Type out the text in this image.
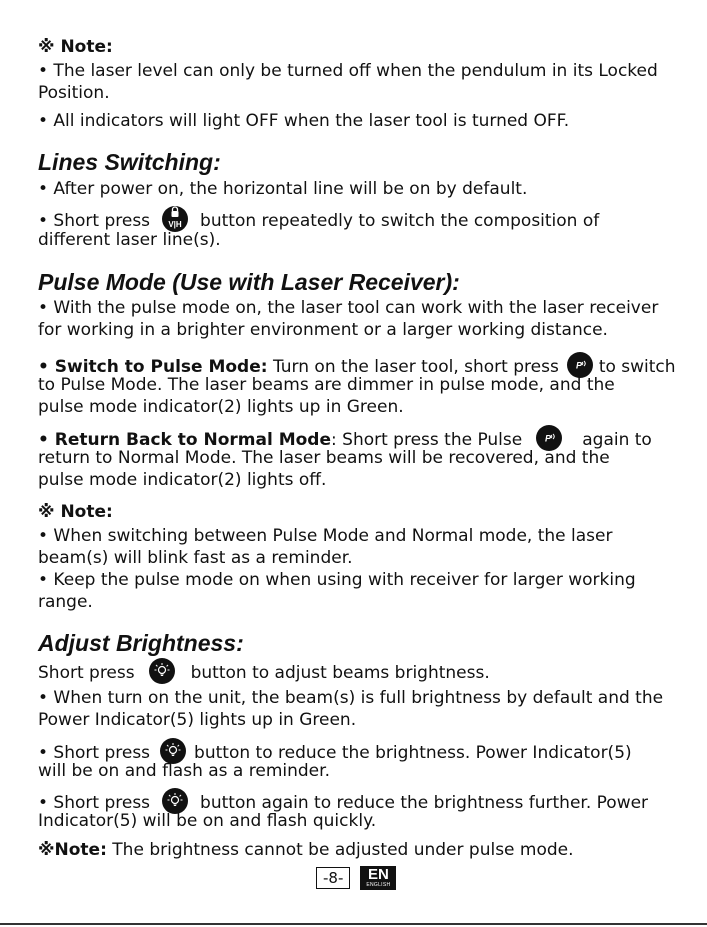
※ Note:
• The laser level can only be turned off when the pendulum in its Locked
Position.
• All indicators will light OFF when the laser tool is turned OFF.
Lines Switching:
• After power on, the horizontal line will be on by default.
• Short press V|H button repeatedly to switch the composition of
different laser line(s).
Pulse Mode (Use with Laser Receiver):
• With the pulse mode on, the laser tool can work with the laser receiver
for working in a brighter environment or a larger working distance.
• Switch to Pulse Mode: Turn on the laser tool, short press P to switch
to Pulse Mode. The laser beams are dimmer in pulse mode, and the
pulse mode indicator(2) lights up in Green.
• Return Back to Normal Mode: Short press the Pulse	P again to
return to Normal Mode. The laser beams will be recovered, and the
pulse mode indicator(2) lights off.
※ Note:
• When switching between Pulse Mode and Normal mode, the laser
beam(s) will blink fast as a reminder.
• Keep the pulse mode on when using with receiver for larger working
range.
Adjust Brightness:
Short press	button to adjust beams brightness.
• When turn on the unit, the beam(s) is full brightness by default and the
Power Indicator(5) lights up in Green.
• Short press	button to reduce the brightness. Power Indicator(5)
will be on and flash as a reminder.
• Short press	button again to reduce the brightness further. Power
Indicator(5) will be on and flash quickly.
※Note: The brightness cannot be adjusted under pulse mode.
-8-	EN
ENGLISH
